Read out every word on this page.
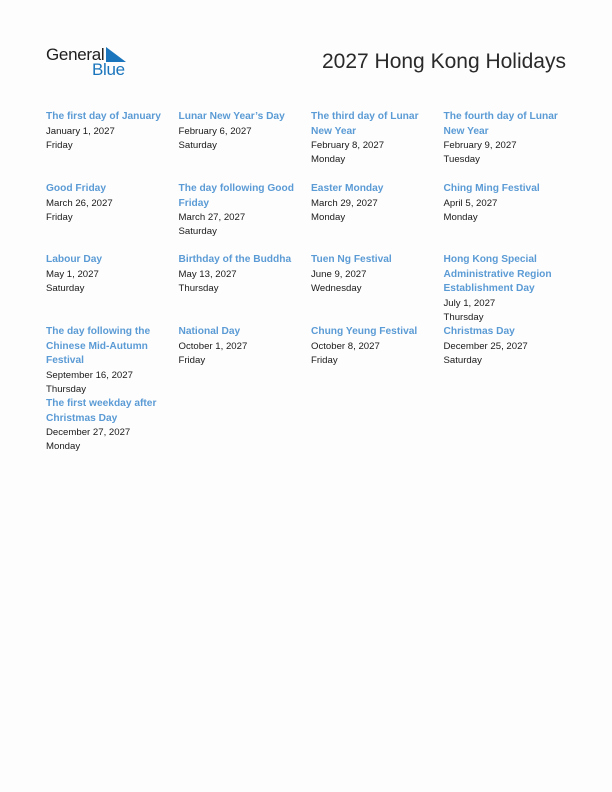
General
Blue	2027 Hong Kong Holidays
The first day of January
January 1, 2027
Friday
Lunar New Year’s Day
February 6, 2027
Saturday
The third day of Lunar New Year
February 8, 2027
Monday
The fourth day of Lunar New Year
February 9, 2027
Tuesday
Good Friday
March 26, 2027
Friday
The day following Good Friday
March 27, 2027
Saturday
Easter Monday
March 29, 2027
Monday
Ching Ming Festival
April 5, 2027
Monday
Labour Day
May 1, 2027
Saturday
Birthday of the Buddha
May 13, 2027
Thursday
Tuen Ng Festival
June 9, 2027
Wednesday
Hong Kong Special Administrative Region Establishment Day
July 1, 2027
Thursday
The day following the Chinese Mid-Autumn Festival
September 16, 2027
Thursday
National Day
October 1, 2027
Friday
Chung Yeung Festival
October 8, 2027
Friday
Christmas Day
December 25, 2027
Saturday
The first weekday after Christmas Day
December 27, 2027
Monday
